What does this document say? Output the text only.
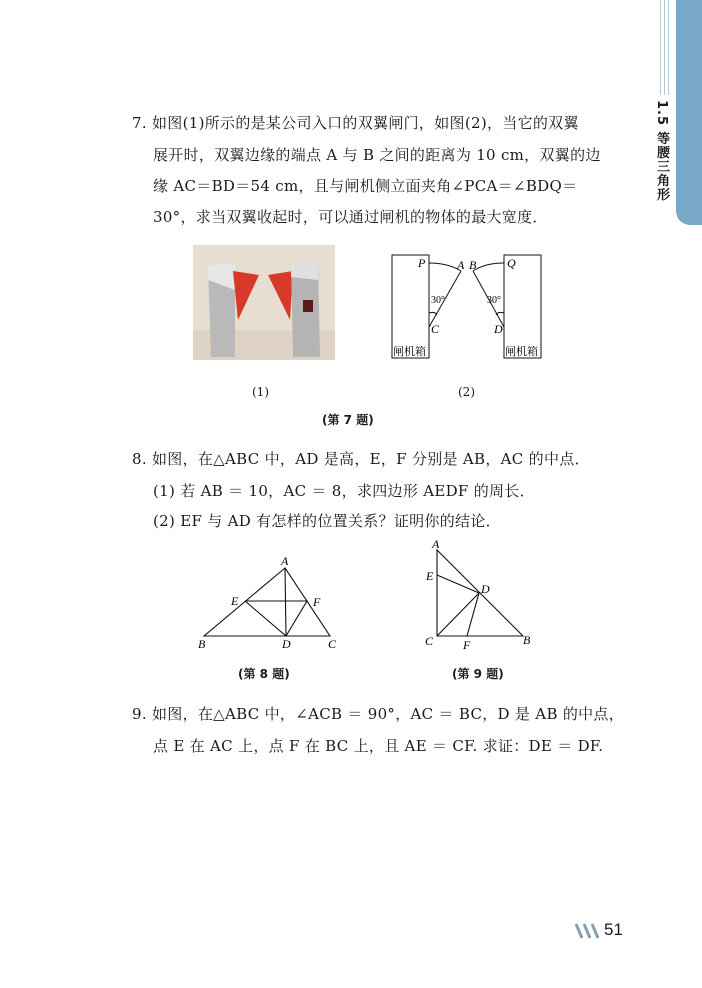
1.5 等腰三角形
7. 如图(1)所示的是某公司入口的双翼闸门，如图(2)，当它的双翼
展开时，双翼边缘的端点 A 与 B 之间的距离为 10 cm，双翼的边
缘 AC＝BD＝54 cm，且与闸机侧立面夹角∠PCA＝∠BDQ＝
30°，求当双翼收起时，可以通过闸机的物体的最大宽度．
P	A B	Q
C	D
30°	30°
闸机箱	闸机箱
(1)	(2)
(第 7 题)
8. 如图，在△ABC 中，AD 是高，E，F 分别是 AB，AC 的中点．
(1) 若 AB ＝ 10，AC ＝ 8，求四边形 AEDF 的周长．
(2) EF 与 AD 有怎样的位置关系？证明你的结论．
A
B	C
D
E	F
A
B
C
D
E
F
(第 8 题)	(第 9 题)
9. 如图，在△ABC 中，∠ACB ＝ 90°，AC ＝ BC，D 是 AB 的中点，
点 E 在 AC 上，点 F 在 BC 上，且 AE ＝ CF. 求证：DE ＝ DF.
51
